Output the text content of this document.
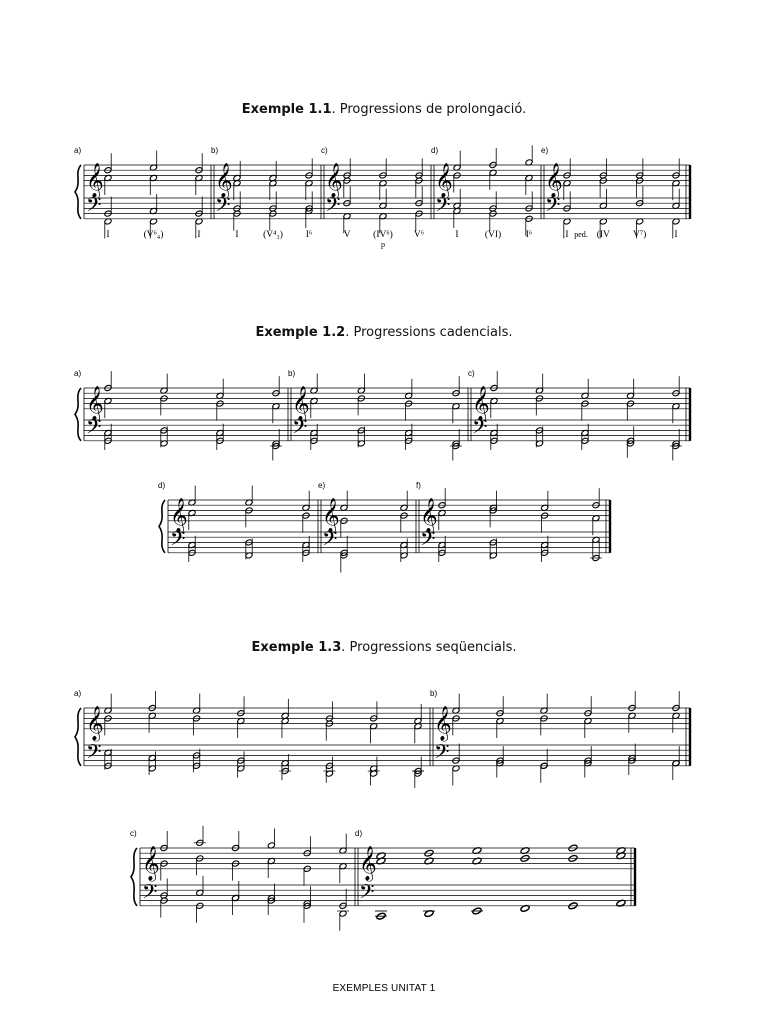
Exemple 1.1. Progressions de prolongació.
Exemple 1.2. Progressions cadencials.
Exemple 1.3. Progressions seqüencials.
𝄞
𝄢
a)
I	(V⁶₄)	I
𝄞
𝄢
b)
I	(V⁴₃) I⁶
𝄞
𝄢
c)
V (IV⁶)
p
V⁶
𝄞
𝄢
d)
I	(VI)	I⁶
𝄞
𝄢
e)
I ped. (IV V⁷)	I
𝄞
𝄢
a)
𝄞
𝄢
b)
𝄞
𝄢
c)
𝄞
𝄢
d)
𝄞
𝄢
e)
𝄞
𝄢
f)
𝄞
𝄢
a)
𝄞
𝄢
b)
𝄞
𝄢
c)
𝄞
𝄢
d)
EXEMPLES UNITAT 1
